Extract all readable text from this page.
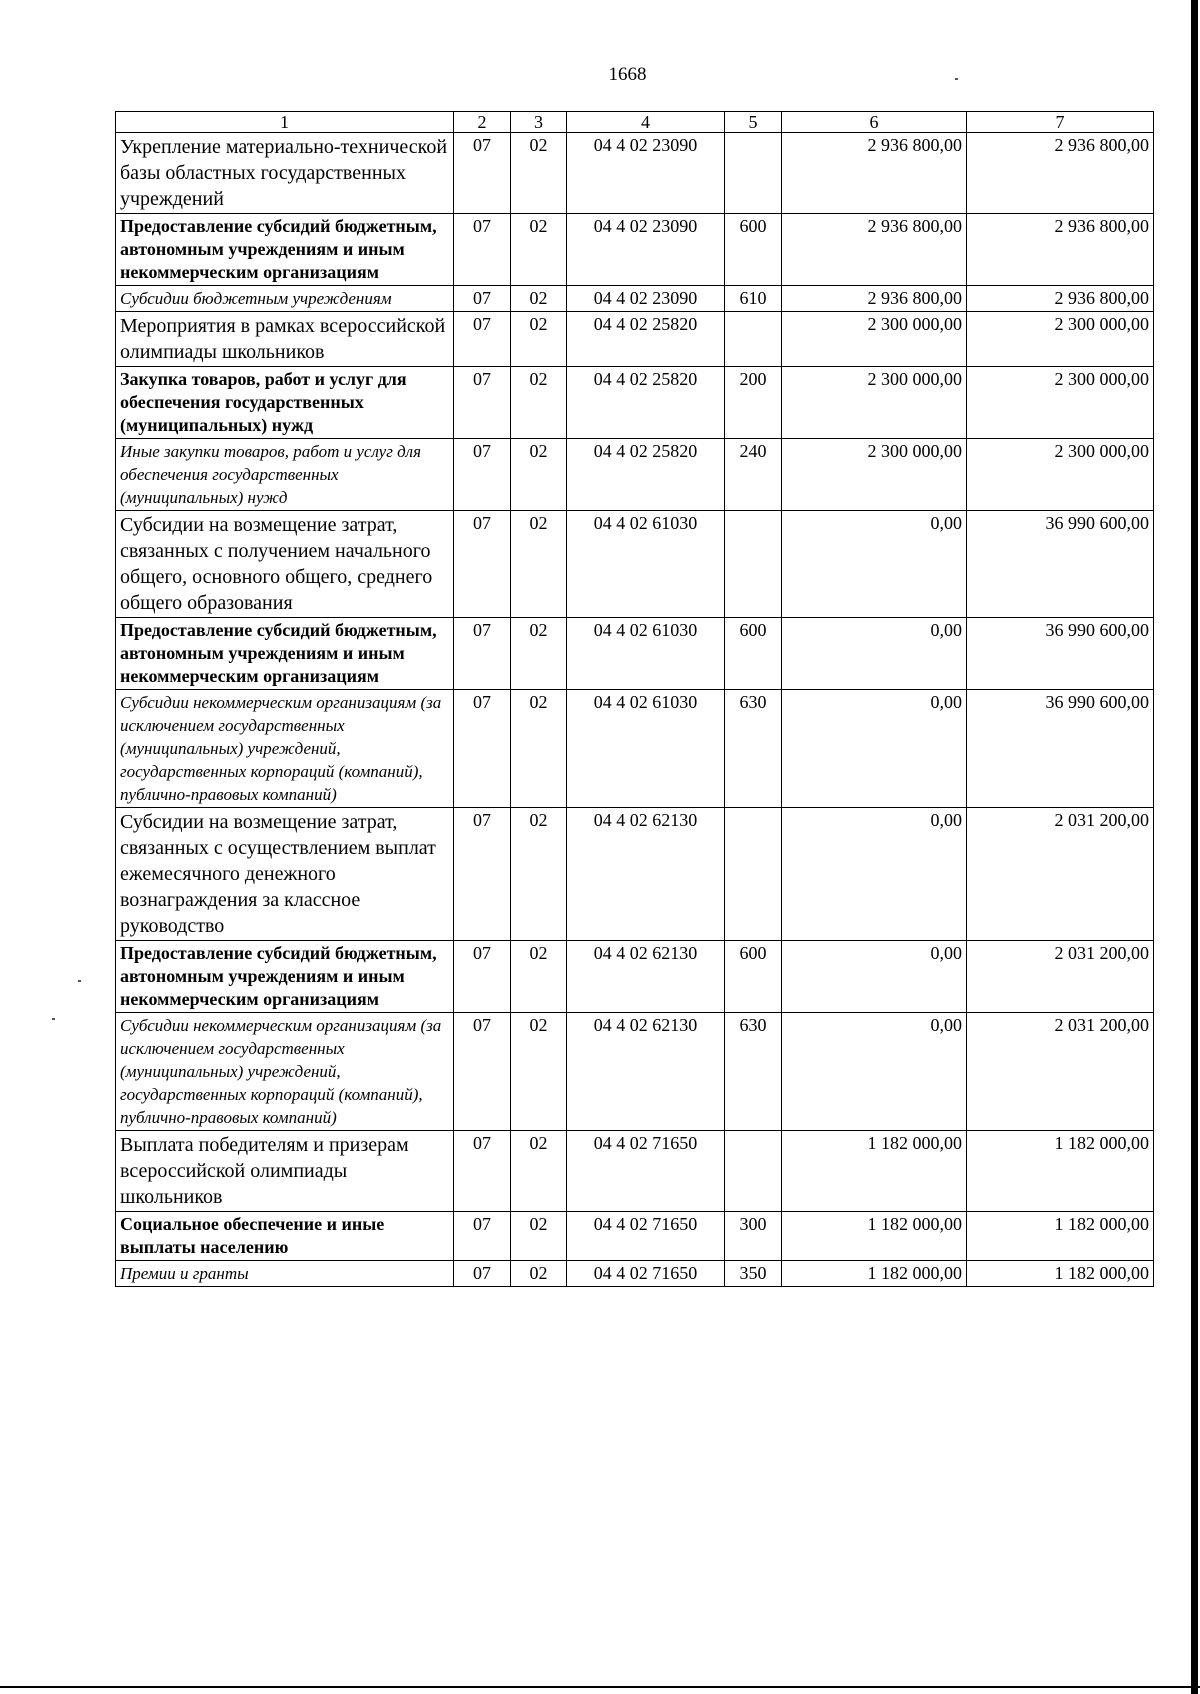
1668
1	2	3	4	5	6	7
Укрепление материально-технической базы областных государственных учреждений	07	02	04 4 02 23090		2 936 800,00	2 936 800,00
Предоставление субсидий бюджетным, автономным учреждениям и иным некоммерческим организациям	07	02	04 4 02 23090	600	2 936 800,00	2 936 800,00
Субсидии бюджетным учреждениям	07	02	04 4 02 23090	610	2 936 800,00	2 936 800,00
Мероприятия в рамках всероссийской олимпиады школьников	07	02	04 4 02 25820		2 300 000,00	2 300 000,00
Закупка товаров, работ и услуг для обеспечения государственных (муниципальных) нужд	07	02	04 4 02 25820	200	2 300 000,00	2 300 000,00
Иные закупки товаров, работ и услуг для обеспечения государственных (муниципальных) нужд	07	02	04 4 02 25820	240	2 300 000,00	2 300 000,00
Субсидии на возмещение затрат, связанных с получением начального общего, основного общего, среднего общего образования	07	02	04 4 02 61030		0,00	36 990 600,00
Предоставление субсидий бюджетным, автономным учреждениям и иным некоммерческим организациям	07	02	04 4 02 61030	600	0,00	36 990 600,00
Субсидии некоммерческим организациям (за исключением государственных (муниципальных) учреждений, государственных корпораций (компаний), публично-правовых компаний)	07	02	04 4 02 61030	630	0,00	36 990 600,00
Субсидии на возмещение затрат, связанных с осуществлением выплат ежемесячного денежного вознаграждения за классное руководство	07	02	04 4 02 62130		0,00	2 031 200,00
Предоставление субсидий бюджетным, автономным учреждениям и иным некоммерческим организациям	07	02	04 4 02 62130	600	0,00	2 031 200,00
Субсидии некоммерческим организациям (за исключением государственных (муниципальных) учреждений, государственных корпораций (компаний), публично-правовых компаний)	07	02	04 4 02 62130	630	0,00	2 031 200,00
Выплата победителям и призерам всероссийской олимпиады школьников	07	02	04 4 02 71650		1 182 000,00	1 182 000,00
Социальное обеспечение и иные выплаты населению	07	02	04 4 02 71650	300	1 182 000,00	1 182 000,00
Премии и гранты	07	02	04 4 02 71650	350	1 182 000,00	1 182 000,00
